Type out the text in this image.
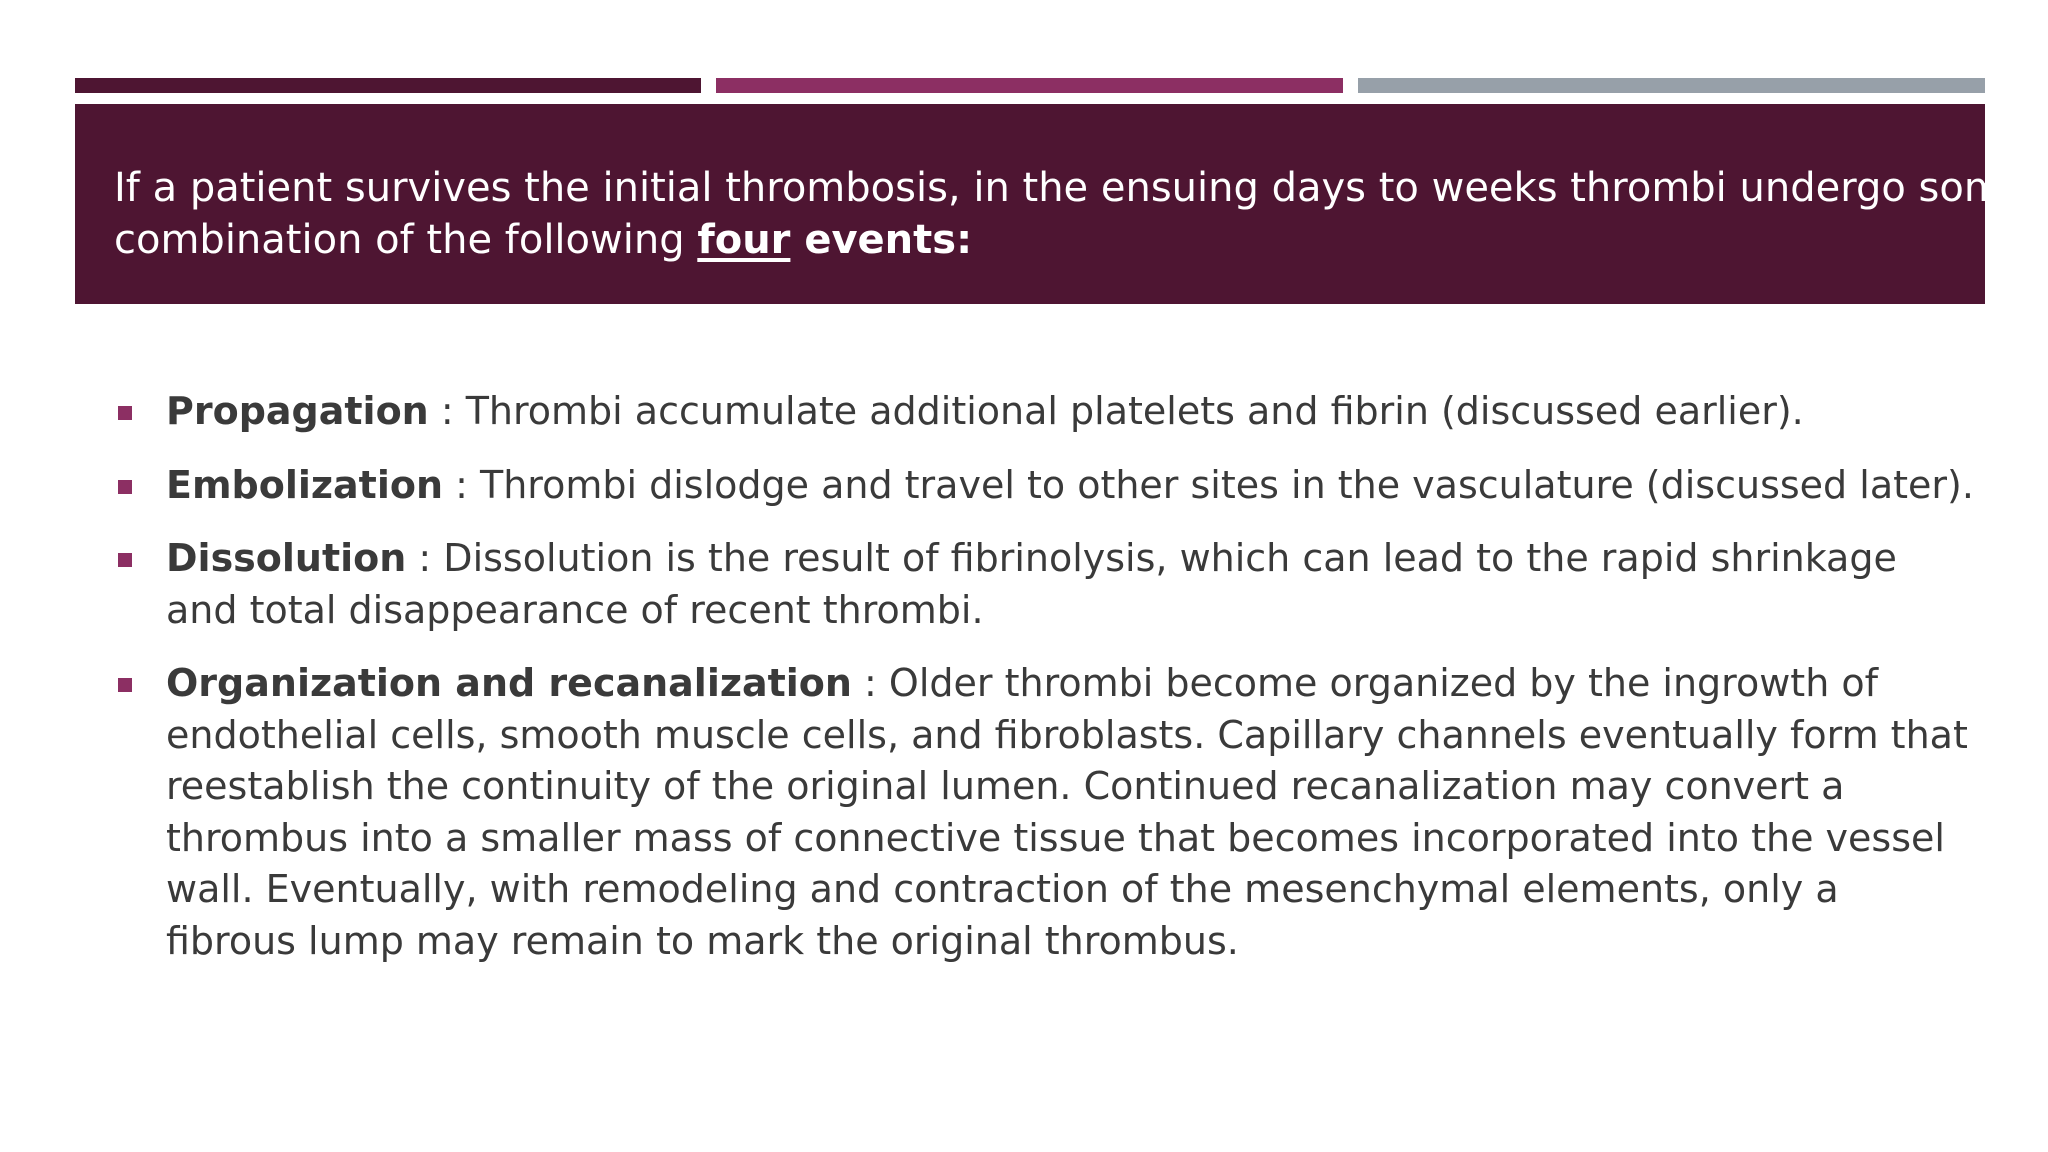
If a patient survives the initial thrombosis, in the ensuing days to weeks thrombi undergo some
combination of the following four events:
Propagation : Thrombi accumulate additional platelets and fibrin (discussed earlier).
Embolization : Thrombi dislodge and travel to other sites in the vasculature (discussed later).
Dissolution : Dissolution is the result of fibrinolysis, which can lead to the rapid shrinkage
and total disappearance of recent thrombi.
Organization and recanalization : Older thrombi become organized by the ingrowth of
endothelial cells, smooth muscle cells, and fibroblasts. Capillary channels eventually form that
reestablish the continuity of the original lumen. Continued recanalization may convert a
thrombus into a smaller mass of connective tissue that becomes incorporated into the vessel
wall. Eventually, with remodeling and contraction of the mesenchymal elements, only a
fibrous lump may remain to mark the original thrombus.
